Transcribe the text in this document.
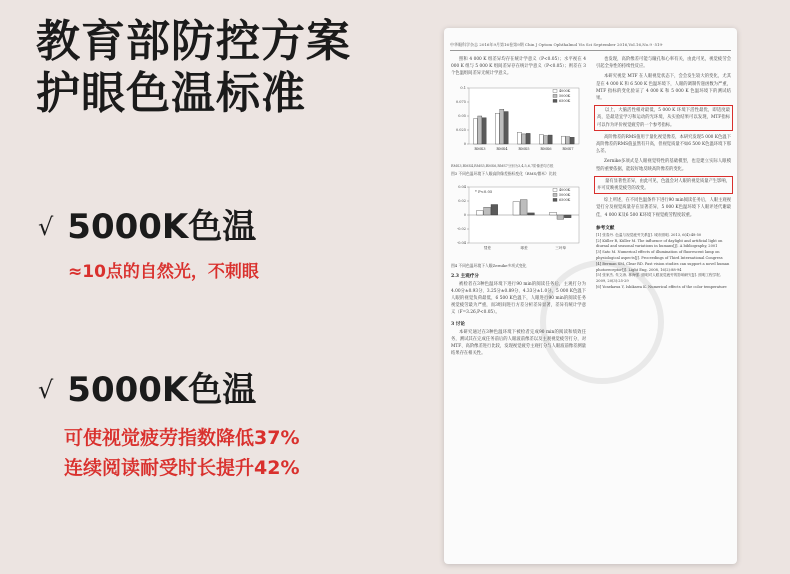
教育部防控方案
护眼色温标准
√ 5000K色温
≈10点的自然光，不刺眼
√ 5000K色温
可使视觉疲劳指数降低37%
连续阅读耐受时长提升42%
中华眼科学杂志 2016年9月第16卷第9期 Chin J Optom Ophthalmol Vis Sci September 2016,Vol.16,No.9 ·519·

照和 4 000 K 组差异均存在统计学意义（P<0.05）；水平视在 4 000 K 组与 5 000 K 组间差异存在统计学意义（P<0.05）；则差在 3 个色温组间差异无统计学意义。

0
0.025
0.05
0.075
0.1
RMS3	RMS4	RMS5	RMS6	RMS7
4000K
5000K
6500K
RMS3,RMS4,RMS5,RMS6,RMS7分别为3,4,5,6,7阶像差均方根
图3 不同色温环境下人眼高阶像差指标变化（RMS/微米）比较
-0.04
-0.02
0
0.02
0.04
彗差	球差	三叶草
4000K
5000K
6500K
* P<0.05
图4 不同色温环境下人眼Zernike多项式变化
2.3 主观疗分

被检者在3种色温环境下进行90 min的阅读任务后，主观打分为4.00分±0.93分、3.25分±0.89分、4.33分±1.0分。5 000 K色温下人眼的视觉负荷最低，6 500 K色温下，人眼进行90 min的阅读任务视觉疲劳最为严重，而3组间进行方差分析差异显著，差异有统计学意义（F=3.26,P<0.05）。

3 讨论

本研究通过在3种色温环境下被检者完成90 min的阅读和绩效任务，测试其在完成任务前后的人眼波前像差以及主观视觉疲劳打分，对MTF、高阶像差进行比较，发现视觉疲劳主观打分与人眼波前像差测量结果存在相关性。

也发现，高阶像差可能与瞳孔和心率有关，由此可见，视觉疲劳会引起全身性的持续性反应。

本研究视觉 MTF 在人眼视觉状态下，会会发生较大的变化，尤其是在 4 000 K 和 6 500 K 色温环境下，人眼的调制传递函数为严重，MTF 指标的变化验证了 4 000 K 和 5 000 K 色温环境下的测试结果。

以上，大脑活性相对最低，5 000 K 环境下活性最优，即适度最高，是最适宜学习和运动的光环境，从实验结果可以发现，MTF指标可以作为评价视觉疲劳的一个参考指标。

高阶像差的RMS值用于量化视觉像差，本研究发现5 000 K色温下高阶像差的RMS值虽然有升高，但视觉质量不如6 500 K色温环境下那么差。

Zernike多项式是人眼视觉特性的基础模型，也是建立实际人眼模型的重要依据，能较好地反映高阶像差的变化。

量有显著性差异，由此可见，色温会对人眼的视觉质量产生影响，并可反映视觉疲劳的改变。

综上所述，在不同色温条件下进行90 min阅读任务后，人眼主观视觉打分及视觉质量存在显著差异，5 000 K色温环境下人眼评述代谢最佳，4 000 K及6 500 K环境下视觉疲劳程度较重。

参考文献

[1] 张春丹. 色温与视觉疲劳关系[J]. 城市照明, 2013, 6(4):48-50

[2] Küller R, Küller M. The influence of daylight and artificial light on diurnal and seasonal variations in humans[J]. A bibliography, 2001

[3] Sato M. Numerical effects of illumination of fluorescent lamp on physiological aspects[J]. Proceedings of Third International Congress

[4] Berman SM, Clear RD. Past vision studies can support a novel human photoreceptor[J]. Light Eng, 2008, 16(2):88-94

[5] 张家杰, 朱文涛, 林海强. 照明对人眼视觉疲劳的影响研究[J]. 照明工程学报, 2009, 20(3):25-29

[6] Yonekawa Y, Ishikawa K. Numerical effects of the color temperature
